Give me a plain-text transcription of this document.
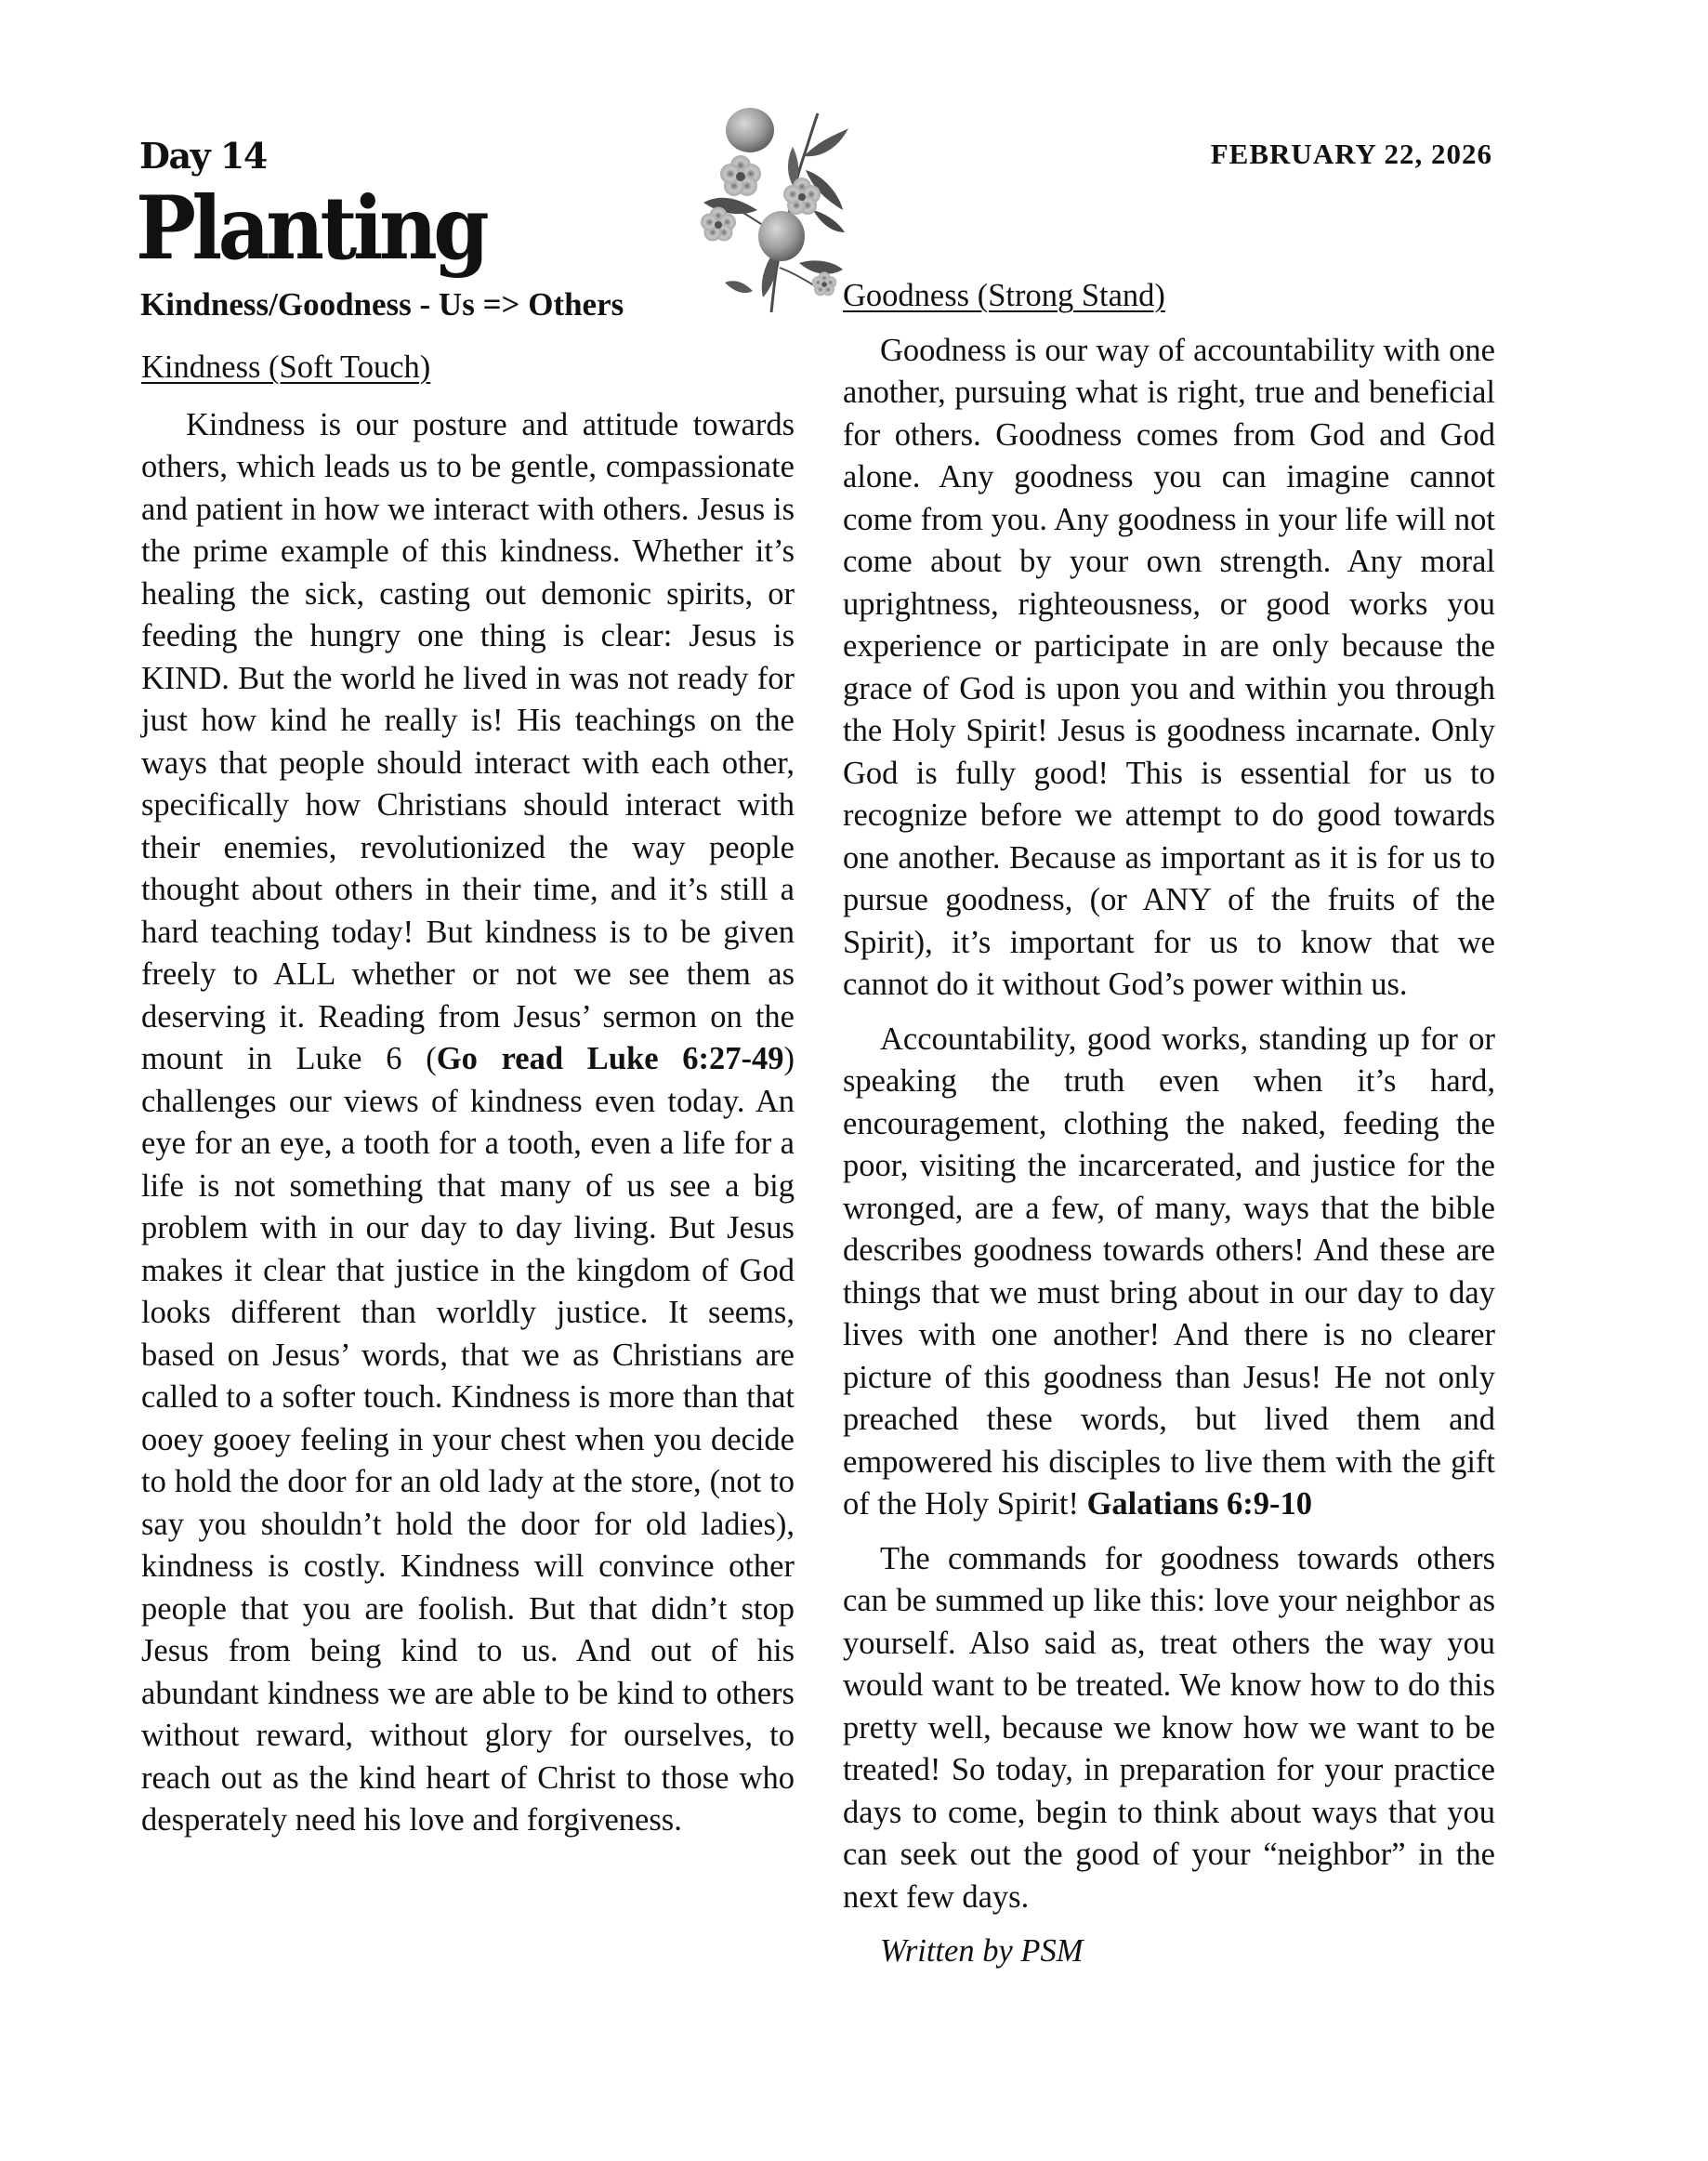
Day 14
Planting
Kindness/Goodness - Us => Others
FEBRUARY 22, 2026
Kindness (Soft Touch)

Kindness is our posture and attitude towards others, which leads us to be gentle, compassionate and patient in how we interact with others. Jesus is the prime example of this kindness. Whether it’s healing the sick, casting out demonic spirits, or feeding the hungry one thing is clear: Jesus is KIND. But the world he lived in was not ready for just how kind he really is! His teachings on the ways that people should interact with each other, specifically how Christians should interact with their enemies, revolutionized the way people thought about others in their time, and it’s still a hard teaching today! But kindness is to be given freely to ALL whether or not we see them as deserving it. Reading from Jesus’ sermon on the mount in Luke 6 (Go read Luke 6:27-49) challenges our views of kindness even today. An eye for an eye, a tooth for a tooth, even a life for a life is not something that many of us see a big problem with in our day to day living. But Jesus makes it clear that justice in the kingdom of God looks different than worldly justice. It seems, based on Jesus’ words, that we as Christians are called to a softer touch. Kindness is more than that ooey gooey feeling in your chest when you decide to hold the door for an old lady at the store, (not to say you shouldn’t hold the door for old ladies), kindness is costly. Kindness will convince other people that you are foolish. But that didn’t stop Jesus from being kind to us. And out of his abundant kindness we are able to be kind to others without reward, without glory for ourselves, to reach out as the kind heart of Christ to those who desperately need his love and forgiveness.

Goodness (Strong Stand)

Goodness is our way of accountability with one another, pursuing what is right, true and beneficial for others. Goodness comes from God and God alone. Any goodness you can imagine cannot come from you. Any goodness in your life will not come about by your own strength. Any moral uprightness, righteousness, or good works you experience or participate in are only because the grace of God is upon you and within you through the Holy Spirit! Jesus is goodness incarnate. Only God is fully good! This is essential for us to recognize before we attempt to do good towards one another. Because as important as it is for us to pursue goodness, (or ANY of the fruits of the Spirit), it’s important for us to know that we cannot do it without God’s power within us.

Accountability, good works, standing up for or speaking the truth even when it’s hard, encouragement, clothing the naked, feeding the poor, visiting the incarcerated, and justice for the wronged, are a few, of many, ways that the bible describes goodness towards others! And these are things that we must bring about in our day to day lives with one another! And there is no clearer picture of this goodness than Jesus! He not only preached these words, but lived them and empowered his disciples to live them with the gift of the Holy Spirit! Galatians 6:9-10

The commands for goodness towards others can be summed up like this: love your neighbor as yourself. Also said as, treat others the way you would want to be treated. We know how to do this pretty well, because we know how we want to be treated! So today, in preparation for your practice days to come, begin to think about ways that you can seek out the good of your “neighbor” in the next few days.

Written by PSM
